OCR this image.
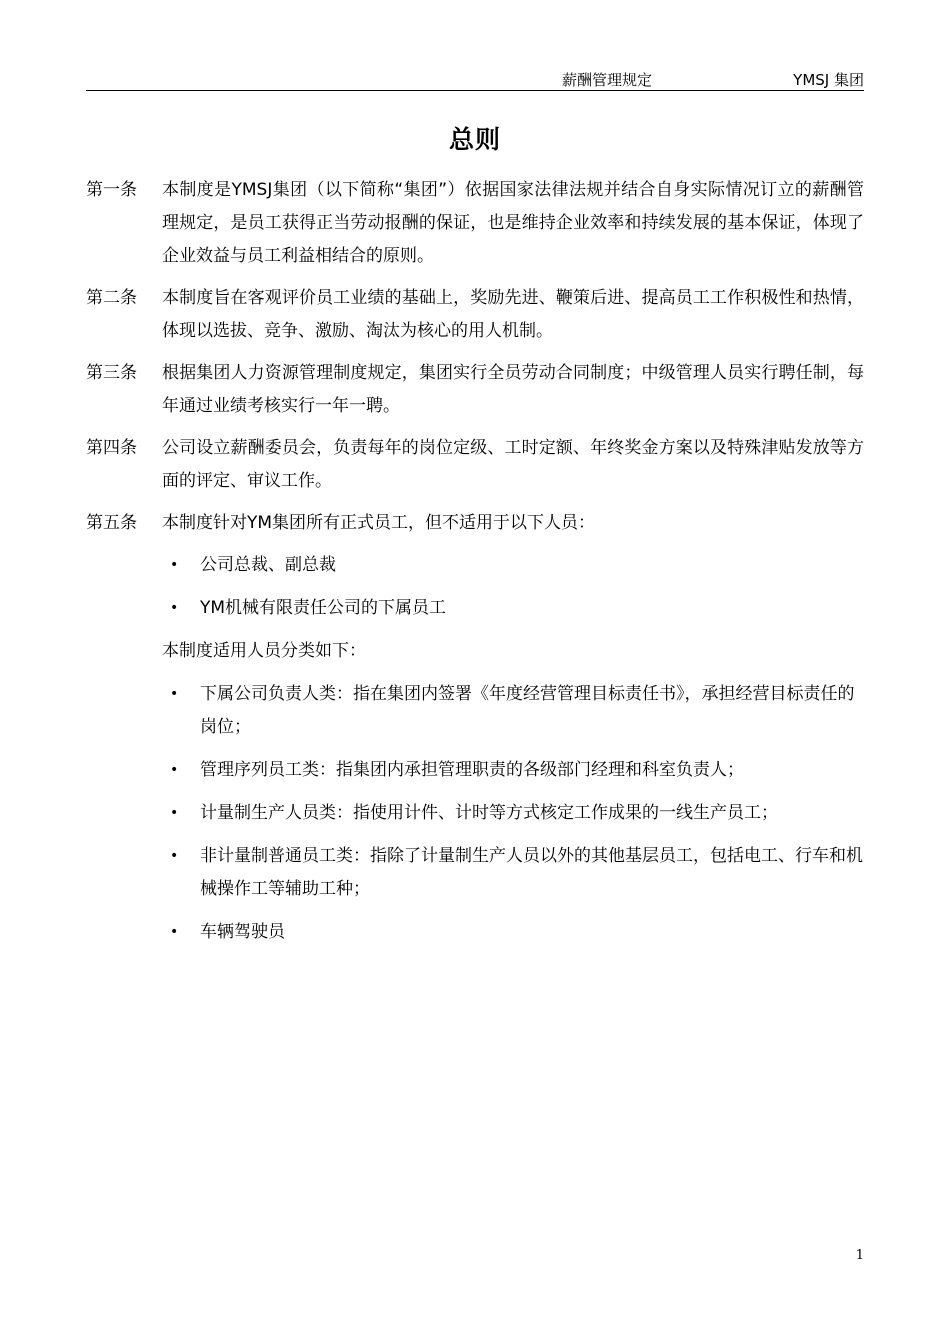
薪酬管理规定	YMSJ 集团
总则
第一条	本制度是YMSJ集团（以下简称“集团”）依据国家法律法规并结合自身实际情况订立的薪酬管理规定，是员工获得正当劳动报酬的保证，也是维持企业效率和持续发展的基本保证，体现了企业效益与员工利益相结合的原则。
第二条	本制度旨在客观评价员工业绩的基础上，奖励先进、鞭策后进、提高员工工作积极性和热情，体现以选拔、竞争、激励、淘汰为核心的用人机制。
第三条	根据集团人力资源管理制度规定，集团实行全员劳动合同制度；中级管理人员实行聘任制，每年通过业绩考核实行一年一聘。
第四条	公司设立薪酬委员会，负责每年的岗位定级、工时定额、年终奖金方案以及特殊津贴发放等方面的评定、审议工作。
第五条	本制度针对YM集团所有正式员工，但不适用于以下人员：
•	公司总裁、副总裁
•	YM机械有限责任公司的下属员工
本制度适用人员分类如下：
•	下属公司负责人类：指在集团内签署《年度经营管理目标责任书》，承担经营目标责任的岗位；
•	管理序列员工类：指集团内承担管理职责的各级部门经理和科室负责人；
•	计量制生产人员类：指使用计件、计时等方式核定工作成果的一线生产员工；
•	非计量制普通员工类：指除了计量制生产人员以外的其他基层员工，包括电工、行车和机械操作工等辅助工种；
•	车辆驾驶员
1
